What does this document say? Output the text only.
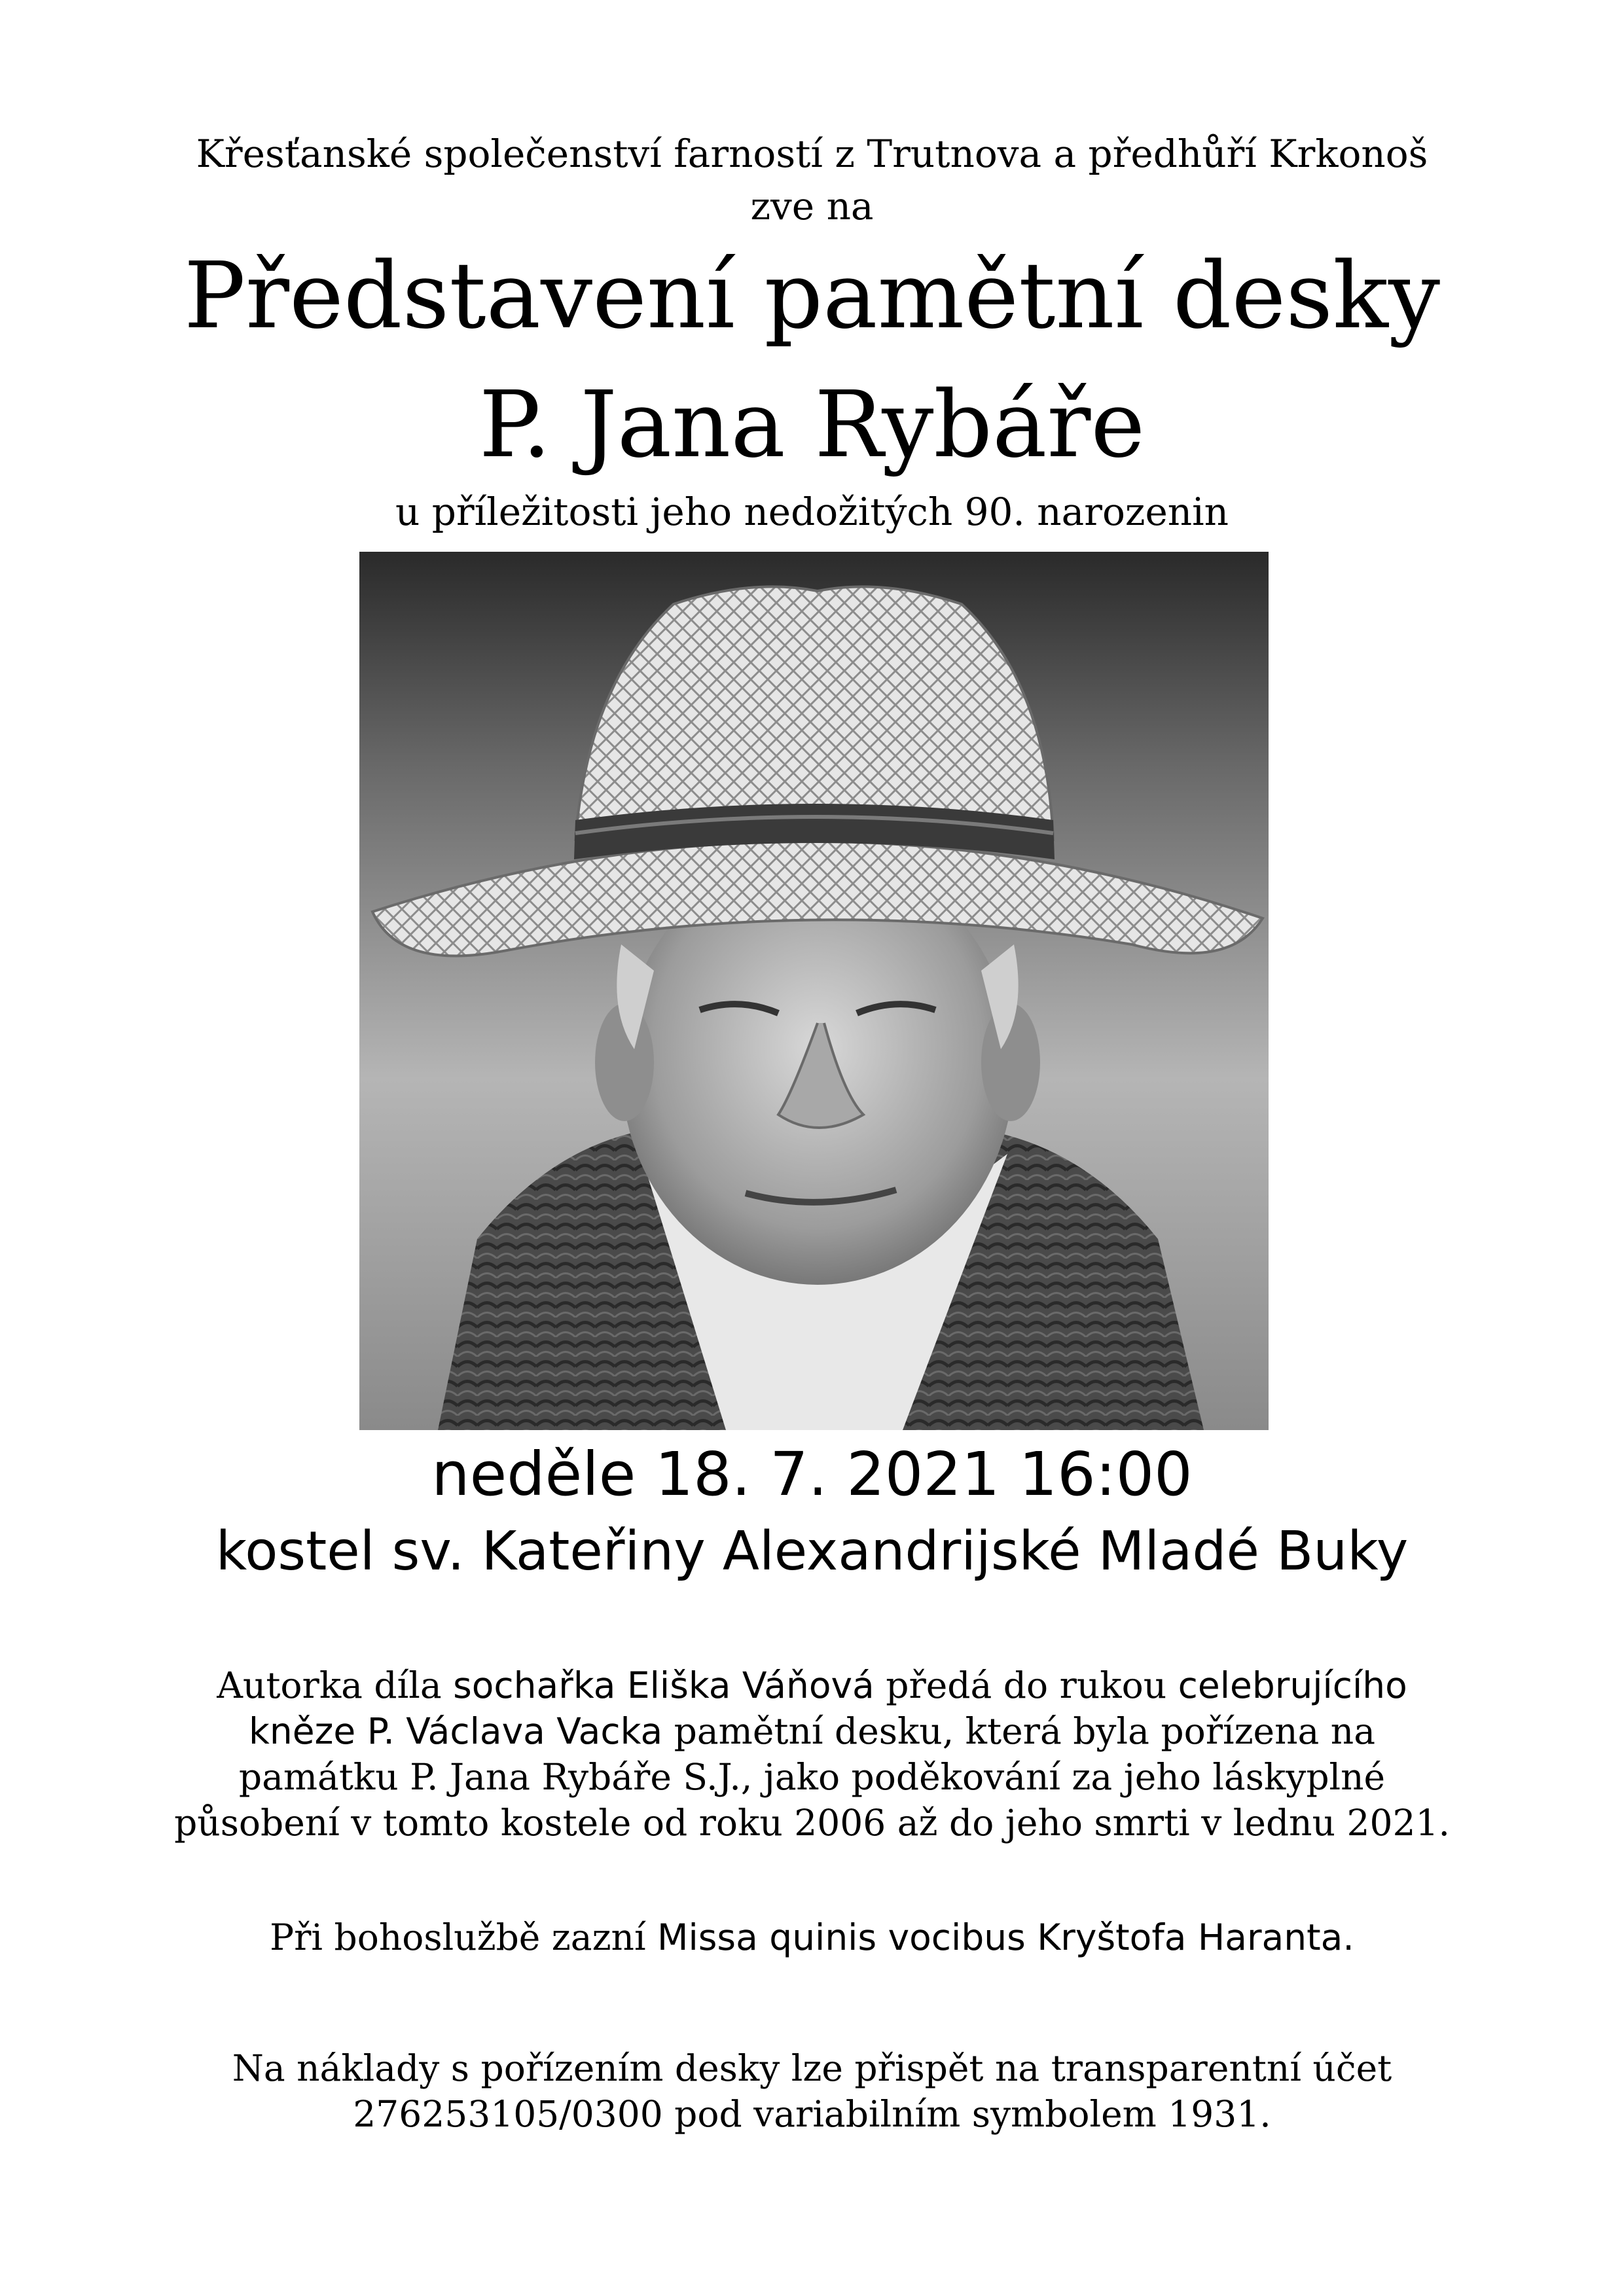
Křesťanské společenství farností z Trutnova a předhůří Krkonoš
zve na
Představení pamětní desky
P. Jana Rybáře
u příležitosti jeho nedožitých 90. narozenin
neděle 18. 7. 2021 16:00
kostel sv. Kateřiny Alexandrijské Mladé Buky
Autorka díla sochařka Eliška Váňová předá do rukou celebrujícího
kněze P. Václava Vacka pamětní desku, která byla pořízena na
památku P. Jana Rybáře S.J., jako poděkování za jeho láskyplné
působení v tomto kostele od roku 2006 až do jeho smrti v lednu 2021.
Při bohoslužbě zazní Missa quinis vocibus Kryštofa Haranta.
Na náklady s pořízením desky lze přispět na transparentní účet
276253105/0300 pod variabilním symbolem 1931.
